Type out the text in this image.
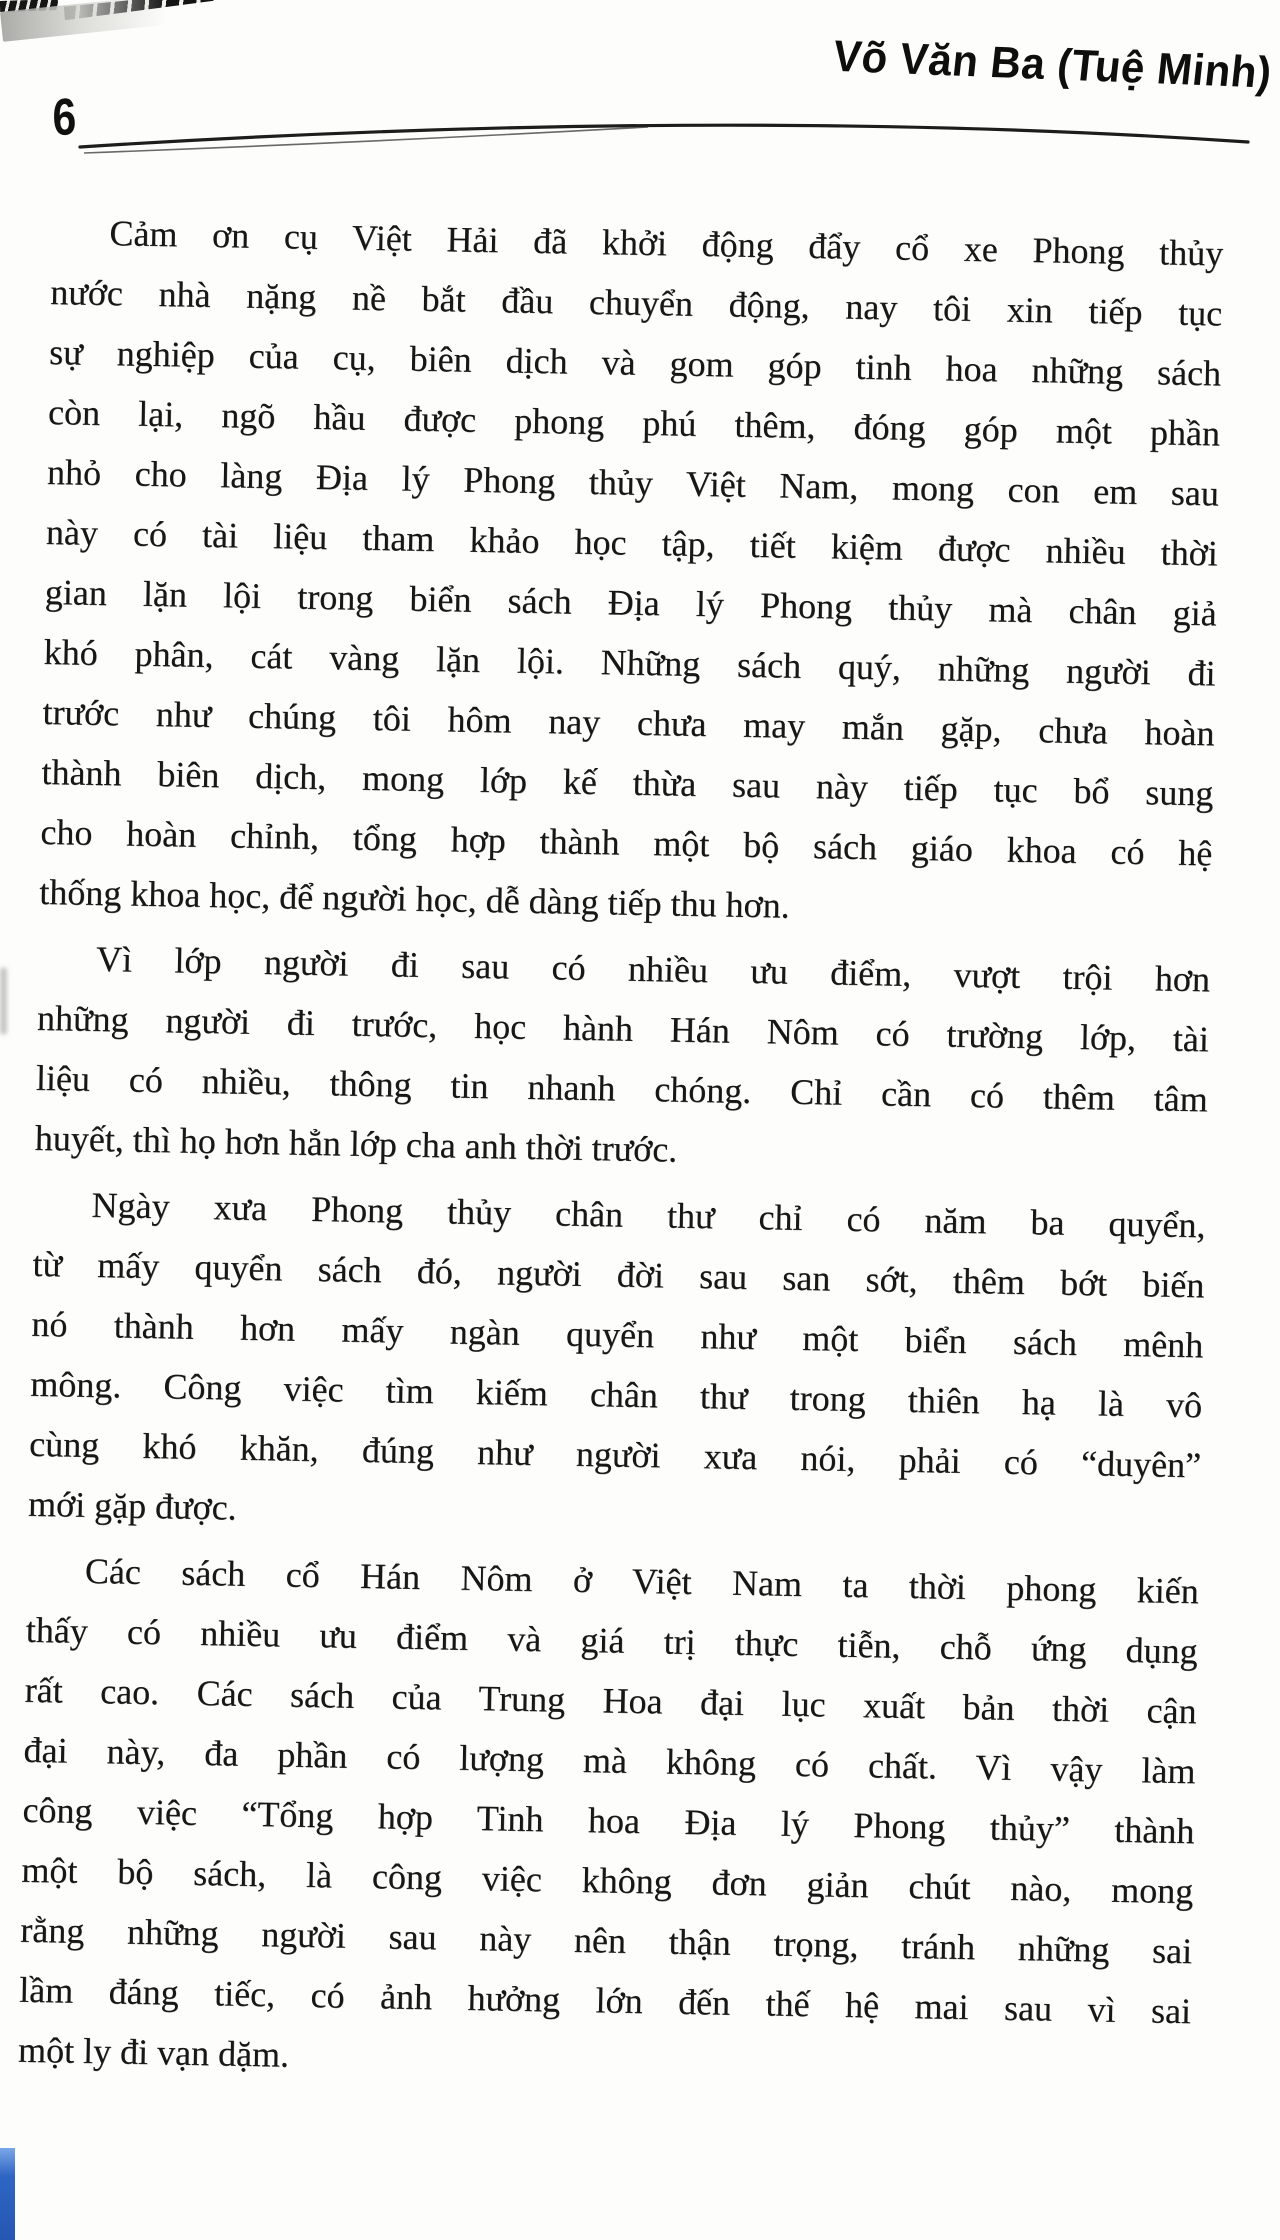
6
Võ Văn Ba (Tuệ Minh)
Cảm ơn cụ Việt Hải đã khởi động đẩy cổ xe Phong thủy
nước nhà nặng nề bắt đầu chuyển động, nay tôi xin tiếp tục
sự nghiệp của cụ, biên dịch và gom góp tinh hoa những sách
còn lại, ngõ hầu được phong phú thêm, đóng góp một phần
nhỏ cho làng Địa lý Phong thủy Việt Nam, mong con em sau
này có tài liệu tham khảo học tập, tiết kiệm được nhiều thời
gian lặn lội trong biển sách Địa lý Phong thủy mà chân giả
khó phân, cát vàng lặn lội. Những sách quý, những người đi
trước như chúng tôi hôm nay chưa may mắn gặp, chưa hoàn
thành biên dịch, mong lớp kế thừa sau này tiếp tục bổ sung
cho hoàn chỉnh, tổng hợp thành một bộ sách giáo khoa có hệ
thống khoa học, để người học, dễ dàng tiếp thu hơn.
Vì lớp người đi sau có nhiều ưu điểm, vượt trội hơn
những người đi trước, học hành Hán Nôm có trường lớp, tài
liệu có nhiều, thông tin nhanh chóng. Chỉ cần có thêm tâm
huyết, thì họ hơn hẳn lớp cha anh thời trước.
Ngày xưa Phong thủy chân thư chỉ có năm ba quyển,
từ mấy quyển sách đó, người đời sau san sớt, thêm bớt biến
nó thành hơn mấy ngàn quyển như một biển sách mênh
mông. Công việc tìm kiếm chân thư trong thiên hạ là vô
cùng khó khăn, đúng như người xưa nói, phải có “duyên”
mới gặp được.
Các sách cổ Hán Nôm ở Việt Nam ta thời phong kiến
thấy có nhiều ưu điểm và giá trị thực tiễn, chỗ ứng dụng
rất cao. Các sách của Trung Hoa đại lục xuất bản thời cận
đại này, đa phần có lượng mà không có chất. Vì vậy làm
công việc “Tổng hợp Tinh hoa Địa lý Phong thủy” thành
một bộ sách, là công việc không đơn giản chút nào, mong
rằng những người sau này nên thận trọng, tránh những sai
lầm đáng tiếc, có ảnh hưởng lớn đến thế hệ mai sau vì sai
một ly đi vạn dặm.
